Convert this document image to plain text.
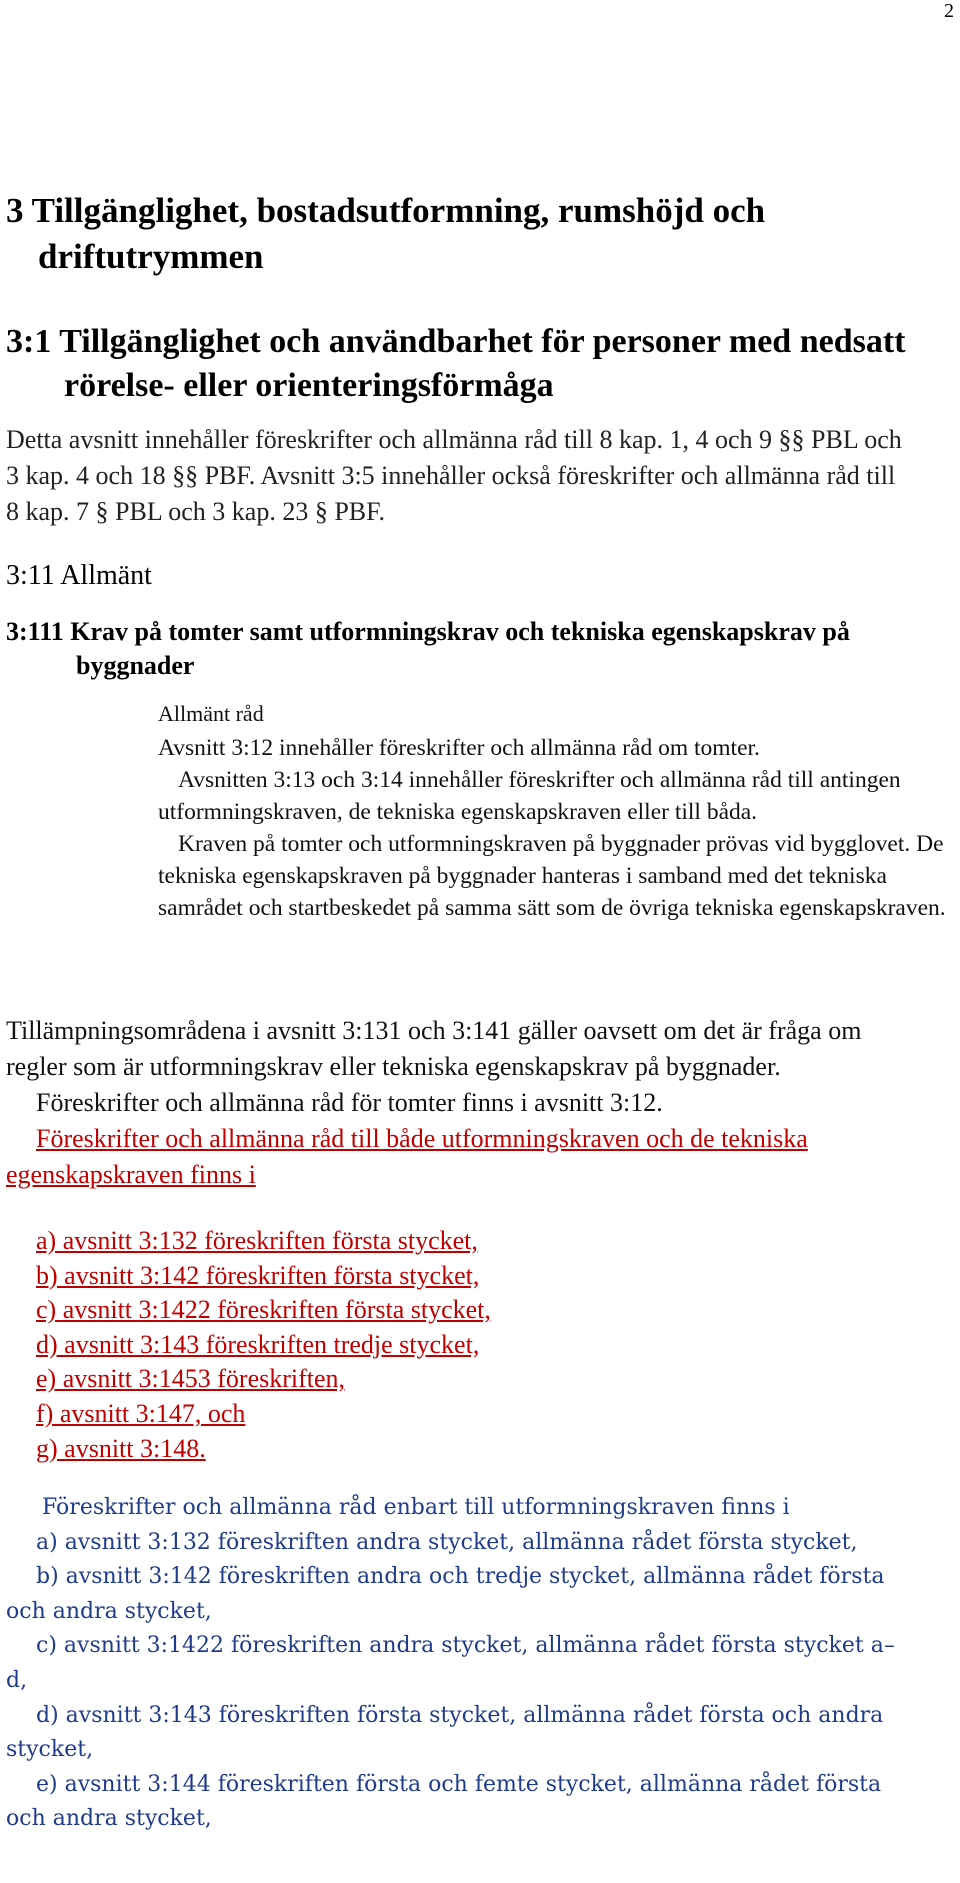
2
3 Tillgänglighet, bostadsutformning, rumshöjd och driftutrymmen
3:1 Tillgänglighet och användbarhet för personer med nedsatt rörelse- eller orienteringsförmåga

Detta avsnitt innehåller föreskrifter och allmänna råd till 8 kap. 1, 4 och 9 §§ PBL och 3 kap. 4 och 18 §§ PBF. Avsnitt 3:5 innehåller också föreskrifter och allmänna råd till 8 kap. 7 § PBL och 3 kap. 23 § PBF.

3:11 Allmänt
3:111 Krav på tomter samt utformningskrav och tekniska egenskapskrav på byggnader

Allmänt råd

Avsnitt 3:12 innehåller föreskrifter och allmänna råd om tomter.

Avsnitten 3:13 och 3:14 innehåller föreskrifter och allmänna råd till antingen utformningskraven, de tekniska egenskapskraven eller till båda.

Kraven på tomter och utformningskraven på byggnader prövas vid bygglovet. De tekniska egenskapskraven på byggnader hanteras i samband med det tekniska samrådet och startbeskedet på samma sätt som de övriga tekniska egenskapskraven.

Tillämpningsområdena i avsnitt 3:131 och 3:141 gäller oavsett om det är fråga om regler som är utformningskrav eller tekniska egenskapskrav på byggnader.

Föreskrifter och allmänna råd för tomter finns i avsnitt 3:12.

Föreskrifter och allmänna råd till både utformningskraven och de tekniska egenskapskraven finns i

a) avsnitt 3:132 föreskriften första stycket,
b) avsnitt 3:142 föreskriften första stycket,
c) avsnitt 3:1422 föreskriften första stycket,
d) avsnitt 3:143 föreskriften tredje stycket,
e) avsnitt 3:1453 föreskriften,
f) avsnitt 3:147, och
g) avsnitt 3:148.

Föreskrifter och allmänna råd enbart till utformningskraven finns i

a) avsnitt 3:132 föreskriften andra stycket, allmänna rådet första stycket,
b) avsnitt 3:142 föreskriften andra och tredje stycket, allmänna rådet första och andra stycket,
c) avsnitt 3:1422 föreskriften andra stycket, allmänna rådet första stycket a–d,
d) avsnitt 3:143 föreskriften första stycket, allmänna rådet första och andra stycket,
e) avsnitt 3:144 föreskriften första och femte stycket, allmänna rådet första och andra stycket,
